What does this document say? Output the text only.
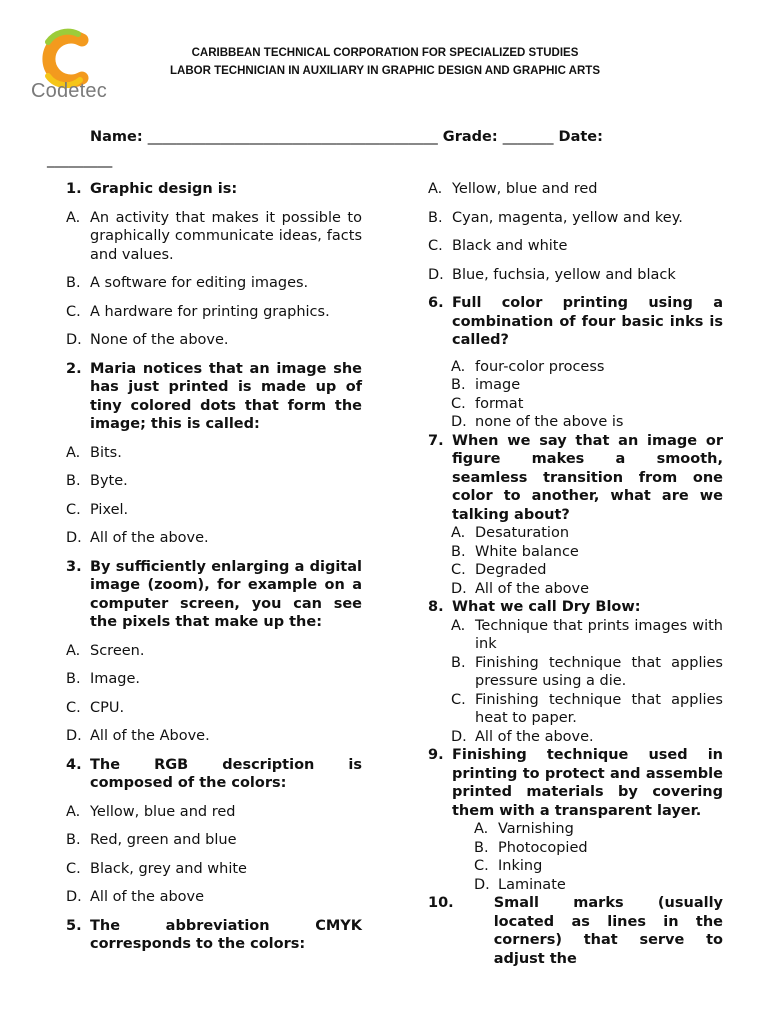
Codetec
CARIBBEAN TECHNICAL CORPORATION FOR SPECIALIZED STUDIES
LABOR TECHNICIAN IN AUXILIARY IN GRAPHIC DESIGN AND GRAPHIC ARTS
Name: ________________________________________ Grade: _______ Date:
_________
1. Graphic design is:
A. An activity that makes it possible to graphically communicate ideas, facts and values.
B. A software for editing images.
C. A hardware for printing graphics.
D. None of the above.
2. Maria notices that an image she has just printed is made up of tiny colored dots that form the image; this is called:
A. Bits.
B. Byte.
C. Pixel.
D. All of the above.
3. By sufficiently enlarging a digital image (zoom), for example on a computer screen, you can see the pixels that make up the:
A. Screen.
B. Image.
C. CPU.
D. All of the Above.
4. The RGB description is composed of the colors:
A. Yellow, blue and red
B. Red, green and blue
C. Black, grey and white
D. All of the above
5. The abbreviation CMYK corresponds to the colors:
A. Yellow, blue and red
B. Cyan, magenta, yellow and key.
C. Black and white
D. Blue, fuchsia, yellow and black
6. Full color printing using a combination of four basic inks is called?
A. four-color process
B. image
C. format
D. none of the above is
7. When we say that an image or figure makes a smooth, seamless transition from one color to another, what are we talking about?
A. Desaturation
B. White balance
C. Degraded
D. All of the above
8. What we call Dry Blow:
A. Technique that prints images with ink
B. Finishing technique that applies pressure using a die.
C. Finishing technique that applies heat to paper.
D. All of the above.
9. Finishing technique used in printing to protect and assemble printed materials by covering them with a transparent layer.
A. Varnishing
B. Photocopied
C. Inking
D. Laminate
10.	Small marks (usually located as lines in the corners) that serve to adjust the
